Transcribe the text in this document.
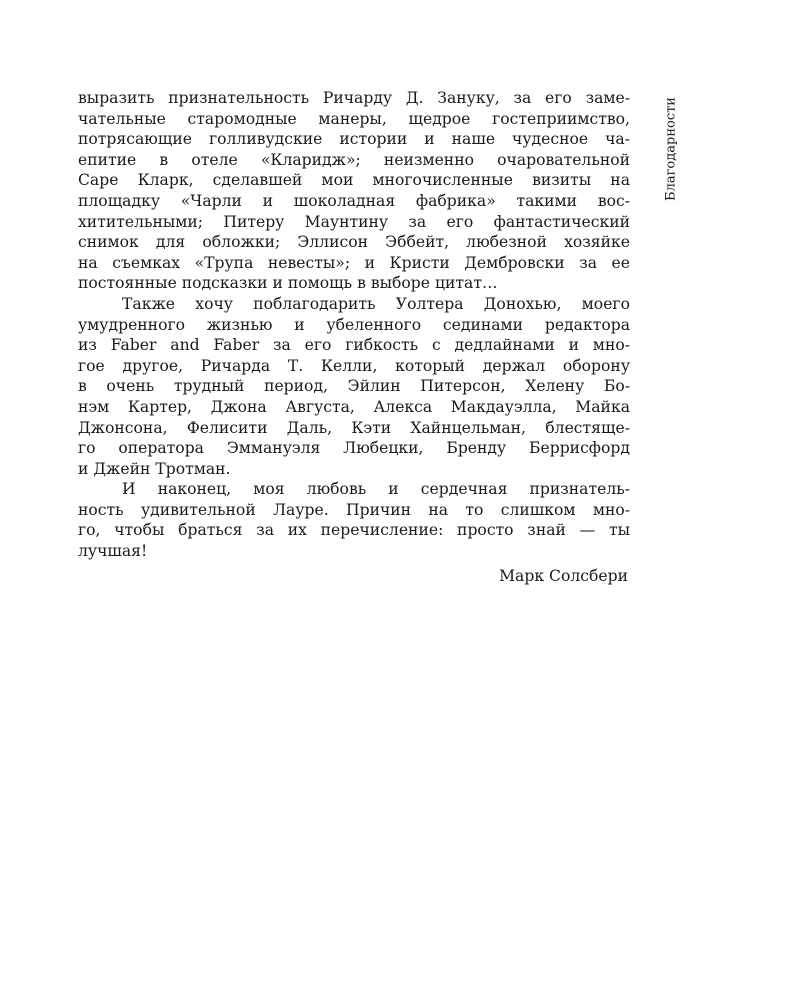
Благодарности
выразить признательность Ричарду Д. Зануку, за его заме-
чательные старомодные манеры, щедрое гостеприимство,
потрясающие голливудские истории и наше чудесное ча-
епитие в отеле «Кларидж»; неизменно очаровательной
Саре Кларк, сделавшей мои многочисленные визиты на
площадку «Чарли и шоколадная фабрика» такими вос-
хитительными; Питеру Маунтину за его фантастический
снимок для обложки; Эллисон Эббейт, любезной хозяйке
на съемках «Трупа невесты»; и Кристи Дембровски за ее
постоянные подсказки и помощь в выборе цитат…
Также хочу поблагодарить Уолтера Донохью, моего
умудренного жизнью и убеленного сединами редактора
из Faber and Faber за его гибкость с дедлайнами и мно-
гое другое, Ричарда Т. Келли, который держал оборону
в очень трудный период, Эйлин Питерсон, Хелену Бо-
нэм Картер, Джона Августа, Алекса Макдауэлла, Майка
Джонсона, Фелисити Даль, Кэти Хайнцельман, блестяще-
го оператора Эммануэля Любецки, Бренду Беррисфорд
и Джейн Тротман.
И наконец, моя любовь и сердечная признатель-
ность удивительной Лауре. Причин на то слишком мно-
го, чтобы браться за их перечисление: просто знай — ты
лучшая!
Марк Солсбери
